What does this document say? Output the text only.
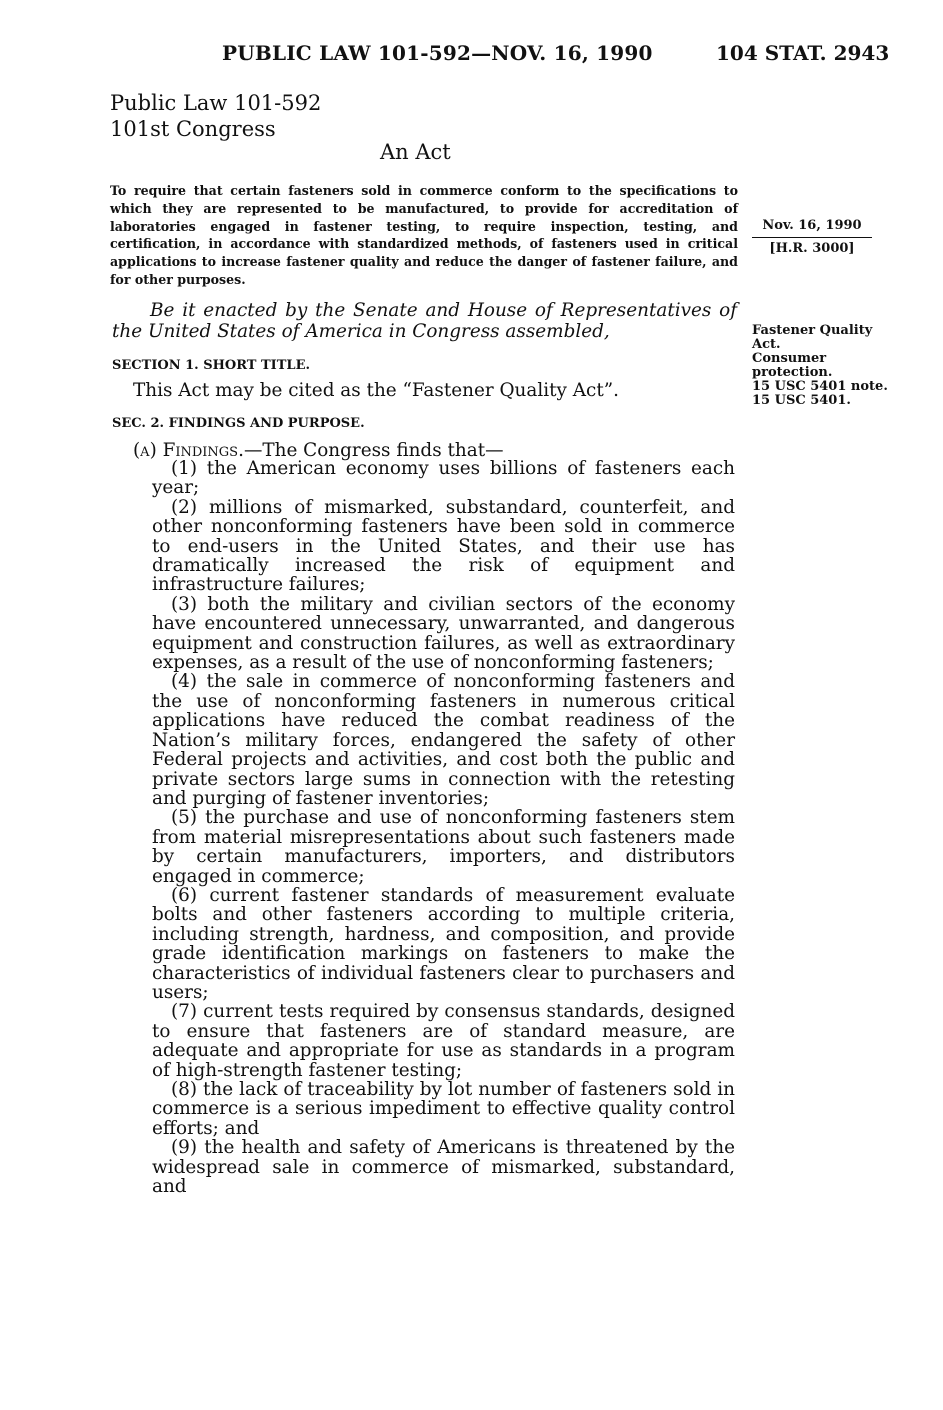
PUBLIC LAW 101-592—NOV. 16, 1990	104 STAT. 2943
Public Law 101-592
101st Congress
An Act
To require that certain fasteners sold in commerce conform to the specifications to which they are represented to be manufactured, to provide for accreditation of laboratories engaged in fastener testing, to require inspection, testing, and certification, in accordance with standardized methods, of fasteners used in critical applications to increase fastener quality and reduce the danger of fastener failure, and for other purposes.
Nov. 16, 1990
[H.R. 3000]
Be it enacted by the Senate and House of Representatives of the United States of America in Congress assembled,	Fastener Quality Act.
Consumer protection.
15 USC 5401 note.
15 USC 5401.
SECTION 1. SHORT TITLE.
This Act may be cited as the “Fastener Quality Act”.
SEC. 2. FINDINGS AND PURPOSE.
(a) Findings.—The Congress finds that—

(1) the American economy uses billions of fasteners each year;

(2) millions of mismarked, substandard, counterfeit, and other nonconforming fasteners have been sold in commerce to end-users in the United States, and their use has dramatically increased the risk of equipment and infrastructure failures;

(3) both the military and civilian sectors of the economy have encountered unnecessary, unwarranted, and dangerous equipment and construction failures, as well as extraordinary expenses, as a result of the use of nonconforming fasteners;

(4) the sale in commerce of nonconforming fasteners and the use of nonconforming fasteners in numerous critical applications have reduced the combat readiness of the Nation’s military forces, endangered the safety of other Federal projects and activities, and cost both the public and private sectors large sums in connection with the retesting and purging of fastener inventories;

(5) the purchase and use of nonconforming fasteners stem from material misrepresentations about such fasteners made by certain manufacturers, importers, and distributors engaged in commerce;

(6) current fastener standards of measurement evaluate bolts and other fasteners according to multiple criteria, including strength, hardness, and composition, and provide grade identification markings on fasteners to make the characteristics of individual fasteners clear to purchasers and users;

(7) current tests required by consensus standards, designed to ensure that fasteners are of standard measure, are adequate and appropriate for use as standards in a program of high-strength fastener testing;

(8) the lack of traceability by lot number of fasteners sold in commerce is a serious impediment to effective quality control efforts; and

(9) the health and safety of Americans is threatened by the widespread sale in commerce of mismarked, substandard, and
